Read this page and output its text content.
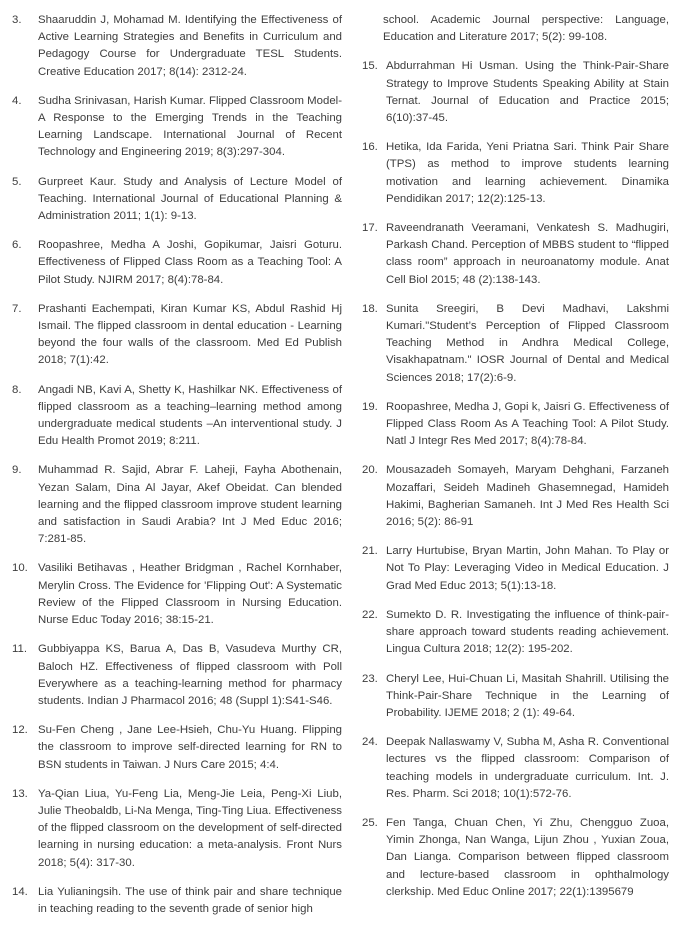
3.	Shaaruddin J, Mohamad M. Identifying the Effectiveness of Active Learning Strategies and Benefits in Curriculum and Pedagogy Course for Undergraduate TESL Students. Creative Education 2017; 8(14): 2312-24.
4.	Sudha Srinivasan, Harish Kumar. Flipped Classroom Model-A Response to the Emerging Trends in the Teaching Learning Landscape. International Journal of Recent Technology and Engineering 2019; 8(3):297-304.
5.	Gurpreet Kaur. Study and Analysis of Lecture Model of Teaching. International Journal of Educational Planning & Administration 2011; 1(1): 9-13.
6.	Roopashree, Medha A Joshi, Gopikumar, Jaisri Goturu. Effectiveness of Flipped Class Room as a Teaching Tool: A Pilot Study. NJIRM 2017; 8(4):78-84.
7.	Prashanti Eachempati, Kiran Kumar KS, Abdul Rashid Hj Ismail. The flipped classroom in dental education - Learning beyond the four walls of the classroom. Med Ed Publish 2018; 7(1):42.
8.	Angadi NB, Kavi A, Shetty K, Hashilkar NK. Effectiveness of flipped classroom as a teaching–learning method among undergraduate medical students –An interventional study. J Edu Health Promot 2019; 8:211.
9.	Muhammad R. Sajid, Abrar F. Laheji, Fayha Abothenain, Yezan Salam, Dina Al Jayar, Akef Obeidat. Can blended learning and the flipped classroom improve student learning and satisfaction in Saudi Arabia? Int J Med Educ 2016; 7:281-85.
10. Vasiliki Betihavas , Heather Bridgman , Rachel Kornhaber, Merylin Cross. The Evidence for 'Flipping Out': A Systematic Review of the Flipped Classroom in Nursing Education. Nurse Educ Today 2016; 38:15-21.
11. Gubbiyappa KS, Barua A, Das B, Vasudeva Murthy CR, Baloch HZ. Effectiveness of flipped classroom with Poll Everywhere as a teaching-learning method for pharmacy students. Indian J Pharmacol 2016; 48 (Suppl 1):S41-S46.
12. Su-Fen Cheng , Jane Lee-Hsieh, Chu-Yu Huang. Flipping the classroom to improve self-directed learning for RN to BSN students in Taiwan. J Nurs Care 2015; 4:4.
13. Ya-Qian Liua, Yu-Feng Lia, Meng-Jie Leia, Peng-Xi Liub, Julie Theobaldb, Li-Na Menga, Ting-Ting Liua. Effectiveness of the flipped classroom on the development of self-directed learning in nursing education: a meta-analysis. Front Nurs 2018; 5(4): 317-30.
14. Lia Yulianingsih. The use of think pair and share technique in teaching reading to the seventh grade of senior high
school. Academic Journal perspective: Language, Education and Literature 2017; 5(2): 99-108.
15. Abdurrahman Hi Usman. Using the Think-Pair-Share Strategy to Improve Students Speaking Ability at Stain Ternat. Journal of Education and Practice 2015; 6(10):37-45.
16. Hetika, Ida Farida, Yeni Priatna Sari. Think Pair Share (TPS) as method to improve students learning motivation and learning achievement. Dinamika Pendidikan 2017; 12(2):125-13.
17. Raveendranath Veeramani, Venkatesh S. Madhugiri, Parkash Chand. Perception of MBBS student to “flipped class room” approach in neuroanatomy module. Anat Cell Biol 2015; 48 (2):138-143.
18. Sunita Sreegiri, B Devi Madhavi, Lakshmi Kumari."Student’s Perception of Flipped Classroom Teaching Method in Andhra Medical College, Visakhapatnam." IOSR Journal of Dental and Medical Sciences 2018; 17(2):6-9.
19. Roopashree, Medha J, Gopi k, Jaisri G. Effectiveness of Flipped Class Room As A Teaching Tool: A Pilot Study. Natl J Integr Res Med 2017; 8(4):78-84.
20. Mousazadeh Somayeh, Maryam Dehghani, Farzaneh Mozaffari, Seideh Madineh Ghasemnegad, Hamideh Hakimi, Bagherian Samaneh. Int J Med Res Health Sci 2016; 5(2): 86-91
21. Larry Hurtubise, Bryan Martin, John Mahan. To Play or Not To Play: Leveraging Video in Medical Education. J Grad Med Educ 2013; 5(1):13-18.
22. Sumekto D. R. Investigating the influence of think-pair-share approach toward students reading achievement. Lingua Cultura 2018; 12(2): 195-202.
23. Cheryl Lee, Hui-Chuan Li, Masitah Shahrill. Utilising the Think-Pair-Share Technique in the Learning of Probability. IJEME 2018; 2 (1): 49-64.
24. Deepak Nallaswamy V, Subha M, Asha R. Conventional lectures vs the flipped classroom: Comparison of teaching models in undergraduate curriculum. Int. J. Res. Pharm. Sci 2018; 10(1):572-76.
25. Fen Tanga, Chuan Chen, Yi Zhu, Chengguo Zuoa, Yimin Zhonga, Nan Wanga, Lijun Zhou , Yuxian Zoua, Dan Lianga. Comparison between flipped classroom and lecture-based classroom in ophthalmology clerkship. Med Educ Online 2017; 22(1):1395679
